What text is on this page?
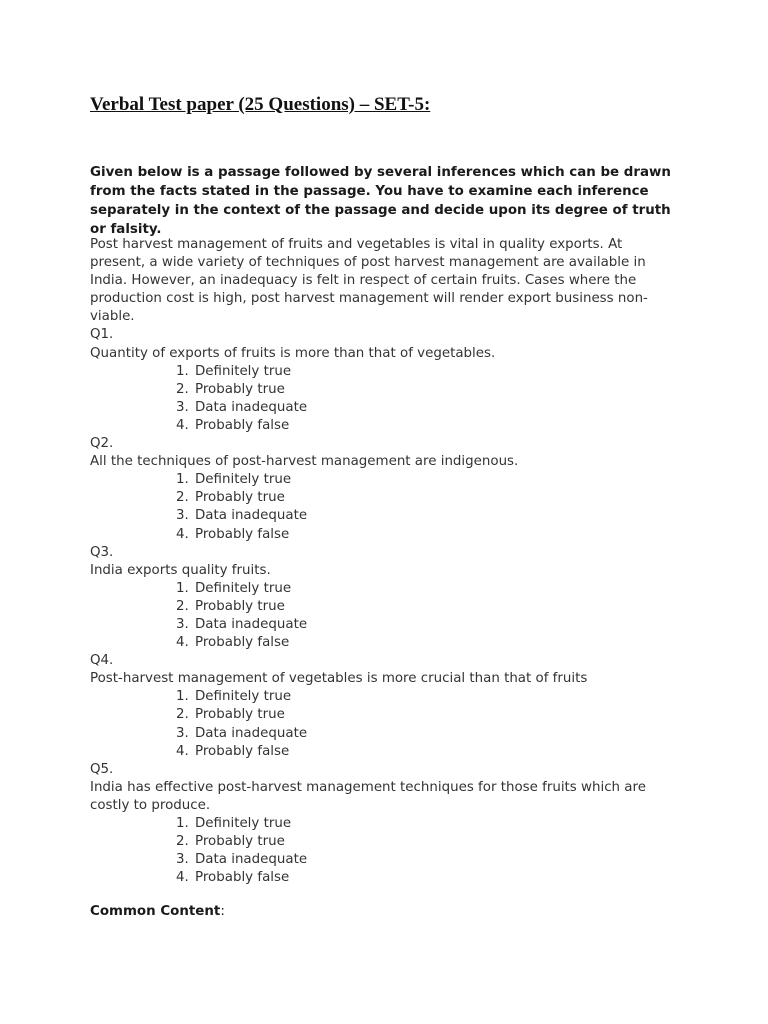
Verbal Test paper (25 Questions) – SET-5:
Given below is a passage followed by several inferences which can be drawn from the facts stated in the passage. You have to examine each inference separately in the context of the passage and decide upon its degree of truth or falsity.

Post harvest management of fruits and vegetables is vital in quality exports. At present, a wide variety of techniques of post harvest management are available in India. However, an inadequacy is felt in respect of certain fruits. Cases where the production cost is high, post harvest management will render export business non-viable.

Q1.

Quantity of exports of fruits is more than that of vegetables.

1. Definitely true
2. Probably true
3. Data inadequate
4. Probably false

Q2.

All the techniques of post-harvest management are indigenous.

1. Definitely true
2. Probably true
3. Data inadequate
4. Probably false

Q3.

India exports quality fruits.

1. Definitely true
2. Probably true
3. Data inadequate
4. Probably false

Q4.

Post-harvest management of vegetables is more crucial than that of fruits

1. Definitely true
2. Probably true
3. Data inadequate
4. Probably false

Q5.

India has effective post-harvest management techniques for those fruits which are costly to produce.

1. Definitely true
2. Probably true
3. Data inadequate
4. Probably false
Common Content:
